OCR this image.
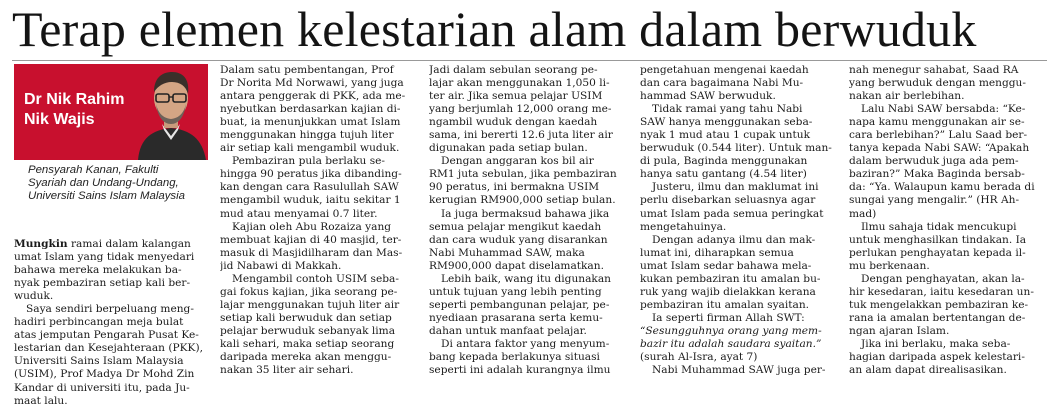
Terap elemen kelestarian alam dalam berwuduk
Dr Nik Rahim
Nik Wajis
Pensyarah Kanan, Fakulti
Syariah dan Undang-Undang,
Universiti Sains Islam Malaysia
Mungkin ramai dalam kalangan
umat Islam yang tidak menyedari
bahawa mereka melakukan ba-
nyak pembaziran setiap kali ber-
wuduk.
Saya sendiri berpeluang meng-
hadiri perbincangan meja bulat
atas jemputan Pengarah Pusat Ke-
lestarian dan Kesejahteraan (PKK),
Universiti Sains Islam Malaysia
(USIM), Prof Madya Dr Mohd Zin
Kandar di universiti itu, pada Ju-
maat lalu.
Dalam satu pembentangan, Prof
Dr Norita Md Norwawi, yang juga
antara penggerak di PKK, ada me-
nyebutkan berdasarkan kajian di-
buat, ia menunjukkan umat Islam
menggunakan hingga tujuh liter
air setiap kali mengambil wuduk.
Pembaziran pula berlaku se-
hingga 90 peratus jika dibanding-
kan dengan cara Rasulullah SAW
mengambil wuduk, iaitu sekitar 1
mud atau menyamai 0.7 liter.
Kajian oleh Abu Rozaiza yang
membuat kajian di 40 masjid, ter-
masuk di Masjidilharam dan Mas-
jid Nabawi di Makkah.
Mengambil contoh USIM seba-
gai fokus kajian, jika seorang pe-
lajar menggunakan tujuh liter air
setiap kali berwuduk dan setiap
pelajar berwuduk sebanyak lima
kali sehari, maka setiap seorang
daripada mereka akan menggu-
nakan 35 liter air sehari.
Jadi dalam sebulan seorang pe-
lajar akan menggunakan 1,050 li-
ter air. Jika semua pelajar USIM
yang berjumlah 12,000 orang me-
ngambil wuduk dengan kaedah
sama, ini bererti 12.6 juta liter air
digunakan pada setiap bulan.
Dengan anggaran kos bil air
RM1 juta sebulan, jika pembaziran
90 peratus, ini bermakna USIM
kerugian RM900,000 setiap bulan.
Ia juga bermaksud bahawa jika
semua pelajar mengikut kaedah
dan cara wuduk yang disarankan
Nabi Muhammad SAW, maka
RM900,000 dapat diselamatkan.
Lebih baik, wang itu digunakan
untuk tujuan yang lebih penting
seperti pembangunan pelajar, pe-
nyediaan prasarana serta kemu-
dahan untuk manfaat pelajar.
Di antara faktor yang menyum-
bang kepada berlakunya situasi
seperti ini adalah kurangnya ilmu
pengetahuan mengenai kaedah
dan cara bagaimana Nabi Mu-
hammad SAW berwuduk.
Tidak ramai yang tahu Nabi
SAW hanya menggunakan seba-
nyak 1 mud atau 1 cupak untuk
berwuduk (0.544 liter). Untuk man-
di pula, Baginda menggunakan
hanya satu gantang (4.54 liter)
Justeru, ilmu dan maklumat ini
perlu disebarkan seluasnya agar
umat Islam pada semua peringkat
mengetahuinya.
Dengan adanya ilmu dan mak-
lumat ini, diharapkan semua
umat Islam sedar bahawa mela-
kukan pembaziran itu amalan bu-
ruk yang wajib dielakkan kerana
pembaziran itu amalan syaitan.
Ia seperti firman Allah SWT:
“Sesungguhnya orang yang mem-
bazir itu adalah saudara syaitan.”
(surah Al-Isra, ayat 7)
Nabi Muhammad SAW juga per-
nah menegur sahabat, Saad RA
yang berwuduk dengan menggu-
nakan air berlebihan.
Lalu Nabi SAW bersabda: “Ke-
napa kamu menggunakan air se-
cara berlebihan?” Lalu Saad ber-
tanya kepada Nabi SAW: “Apakah
dalam berwuduk juga ada pem-
baziran?” Maka Baginda bersab-
da: “Ya. Walaupun kamu berada di
sungai yang mengalir.” (HR Ah-
mad)
Ilmu sahaja tidak mencukupi
untuk menghasilkan tindakan. Ia
perlukan penghayatan kepada il-
mu berkenaan.
Dengan penghayatan, akan la-
hir kesedaran, iaitu kesedaran un-
tuk mengelakkan pembaziran ke-
rana ia amalan bertentangan de-
ngan ajaran Islam.
Jika ini berlaku, maka seba-
hagian daripada aspek kelestari-
an alam dapat direalisasikan.
